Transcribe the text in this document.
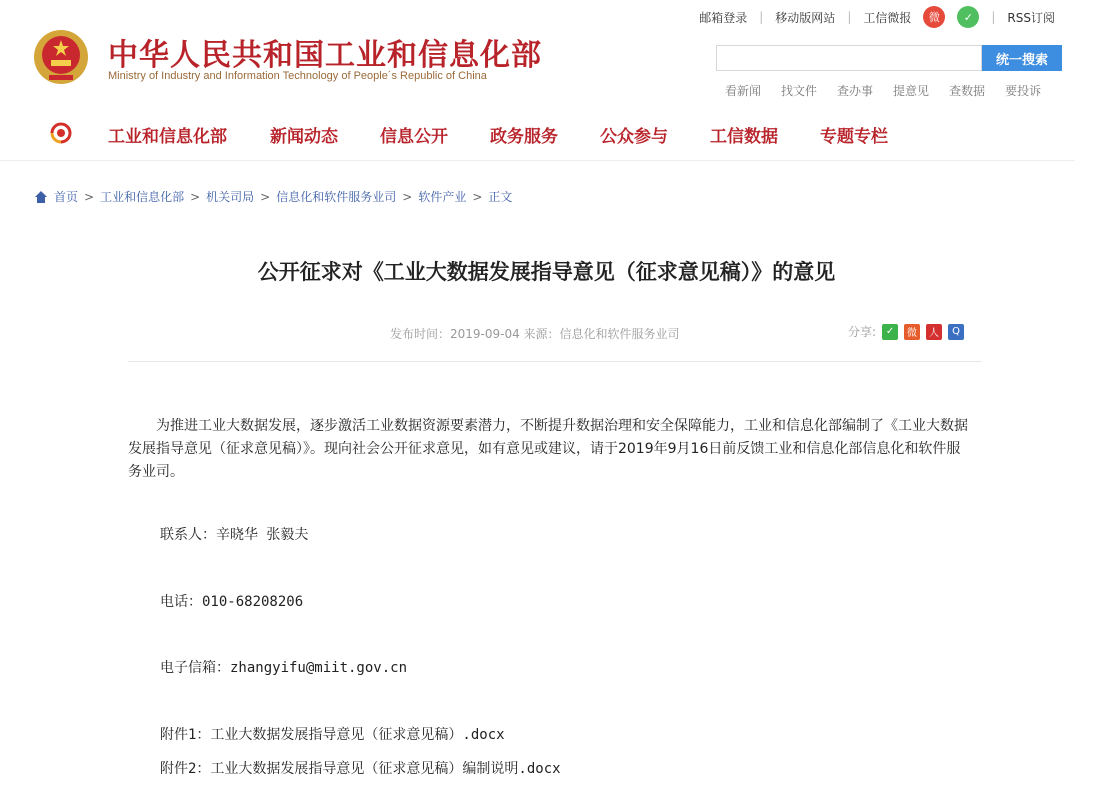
中华人民共和国工业和信息化部
Ministry of Industry and Information Technology of People´s Republic of China
邮箱登录 | 移动版网站 | 工信微报	微	✓	| RSS订阅
统一搜索
看新闻 找文件 查办事 提意见 查数据 要投诉
工业和信息化部	新闻动态 信息公开 政务服务 公众参与 工信数据 专题专栏
首页 > 工业和信息化部 > 机关司局 > 信息化和软件服务业司 > 软件产业 > 正文
公开征求对《工业大数据发展指导意见（征求意见稿）》的意见
发布时间：2019-09-04 来源：信息化和软件服务业司	分享: ✓	微	人	Q
为推进工业大数据发展，逐步激活工业数据资源要素潜力，不断提升数据治理和安全保障能力，工业和信息化部编制了《工业大数据发展指导意见（征求意见稿）》。现向社会公开征求意见，如有意见或建议，请于2019年9月16日前反馈工业和信息化部信息化和软件服务业司。
联系人：辛晓华 张毅夫
电话：010-68208206
电子信箱：zhangyifu@miit.gov.cn
附件1：工业大数据发展指导意见（征求意见稿）.docx
附件2：工业大数据发展指导意见（征求意见稿）编制说明.docx
